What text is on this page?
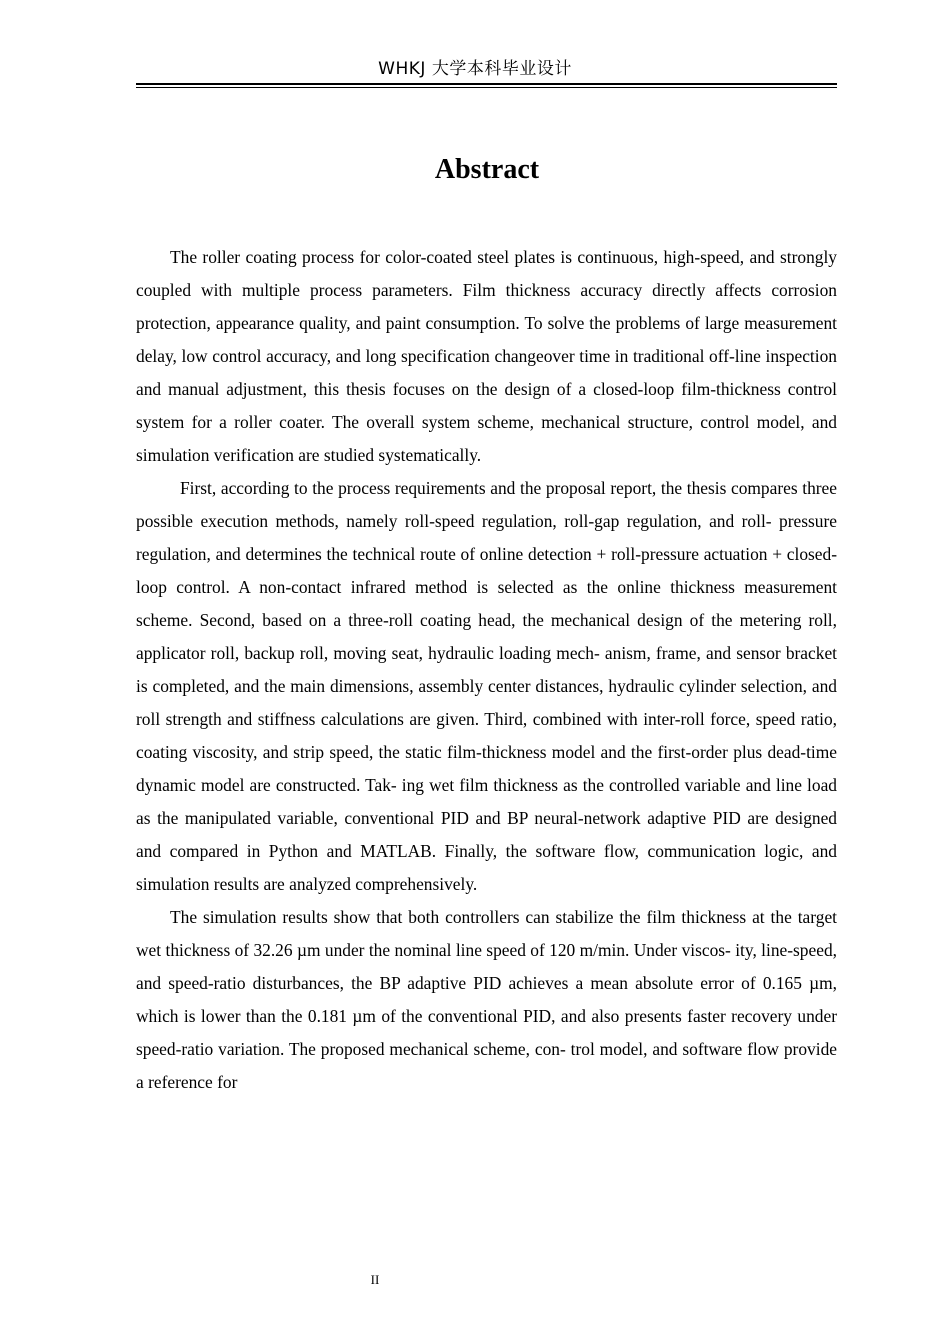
WHKJ 大学本科毕业设计
Abstract

The roller coating process for color-coated steel plates is continuous, high-speed, and strongly coupled with multiple process parameters. Film thickness accuracy directly affects corrosion protection, appearance quality, and paint consumption. To solve the problems of large measurement delay, low control accuracy, and long specification changeover time in traditional off-line inspection and manual adjustment, this thesis focuses on the design of a closed-loop film-thickness control system for a roller coater. The overall system scheme, mechanical structure, control model, and simulation verification are studied systematically.

First, according to the process requirements and the proposal report, the thesis compares three possible execution methods, namely roll-speed regulation, roll-gap regulation, and roll- pressure regulation, and determines the technical route of online detection + roll-pressure actuation + closed-loop control. A non-contact infrared method is selected as the online thickness measurement scheme. Second, based on a three-roll coating head, the mechanical design of the metering roll, applicator roll, backup roll, moving seat, hydraulic loading mech- anism, frame, and sensor bracket is completed, and the main dimensions, assembly center distances, hydraulic cylinder selection, and roll strength and stiffness calculations are given. Third, combined with inter-roll force, speed ratio, coating viscosity, and strip speed, the static film-thickness model and the first-order plus dead-time dynamic model are constructed. Tak- ing wet film thickness as the controlled variable and line load as the manipulated variable, conventional PID and BP neural-network adaptive PID are designed and compared in Python and MATLAB. Finally, the software flow, communication logic, and simulation results are analyzed comprehensively.

The simulation results show that both controllers can stabilize the film thickness at the target wet thickness of 32.26 µm under the nominal line speed of 120 m/min. Under viscos- ity, line-speed, and speed-ratio disturbances, the BP adaptive PID achieves a mean absolute error of 0.165 µm, which is lower than the 0.181 µm of the conventional PID, and also presents faster recovery under speed-ratio variation. The proposed mechanical scheme, con- trol model, and software flow provide a reference for

II
